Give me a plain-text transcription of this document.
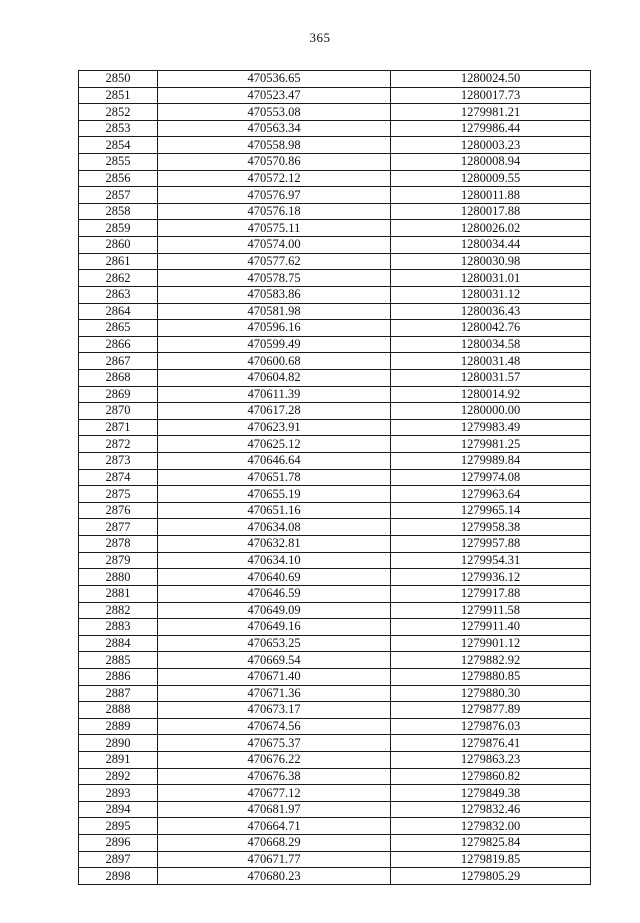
365
2850	470536.65	1280024.50
2851	470523.47	1280017.73
2852	470553.08	1279981.21
2853	470563.34	1279986.44
2854	470558.98	1280003.23
2855	470570.86	1280008.94
2856	470572.12	1280009.55
2857	470576.97	1280011.88
2858	470576.18	1280017.88
2859	470575.11	1280026.02
2860	470574.00	1280034.44
2861	470577.62	1280030.98
2862	470578.75	1280031.01
2863	470583.86	1280031.12
2864	470581.98	1280036.43
2865	470596.16	1280042.76
2866	470599.49	1280034.58
2867	470600.68	1280031.48
2868	470604.82	1280031.57
2869	470611.39	1280014.92
2870	470617.28	1280000.00
2871	470623.91	1279983.49
2872	470625.12	1279981.25
2873	470646.64	1279989.84
2874	470651.78	1279974.08
2875	470655.19	1279963.64
2876	470651.16	1279965.14
2877	470634.08	1279958.38
2878	470632.81	1279957.88
2879	470634.10	1279954.31
2880	470640.69	1279936.12
2881	470646.59	1279917.88
2882	470649.09	1279911.58
2883	470649.16	1279911.40
2884	470653.25	1279901.12
2885	470669.54	1279882.92
2886	470671.40	1279880.85
2887	470671.36	1279880.30
2888	470673.17	1279877.89
2889	470674.56	1279876.03
2890	470675.37	1279876.41
2891	470676.22	1279863.23
2892	470676.38	1279860.82
2893	470677.12	1279849.38
2894	470681.97	1279832.46
2895	470664.71	1279832.00
2896	470668.29	1279825.84
2897	470671.77	1279819.85
2898	470680.23	1279805.29
